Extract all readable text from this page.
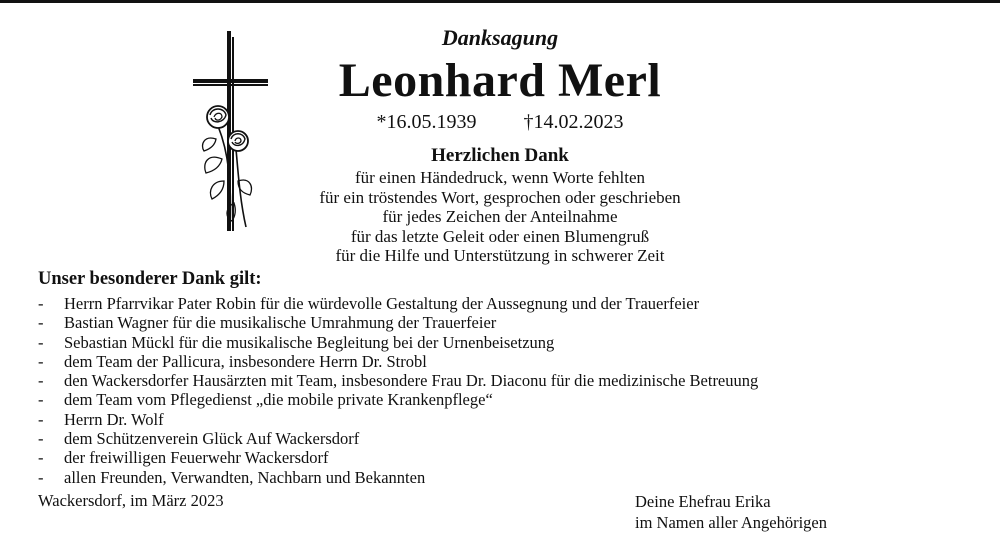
Danksagung
Leonhard Merl
*16.05.1939 †14.02.2023
Herzlichen Dank
für einen Händedruck, wenn Worte fehlten
für ein tröstendes Wort, gesprochen oder geschrieben
für jedes Zeichen der Anteilnahme
für das letzte Geleit oder einen Blumengruß
für die Hilfe und Unterstützung in schwerer Zeit
Unser besonderer Dank gilt:
- Herrn Pfarrvikar Pater Robin für die würdevolle Gestaltung der Aussegnung und der Trauerfeier
- Bastian Wagner für die musikalische Umrahmung der Trauerfeier
- Sebastian Mückl für die musikalische Begleitung bei der Urnenbeisetzung
- dem Team der Pallicura, insbesondere Herrn Dr. Strobl
- den Wackersdorfer Hausärzten mit Team, insbesondere Frau Dr. Diaconu für die medizinische Betreuung
- dem Team vom Pflegedienst „die mobile private Krankenpflege“
- Herrn Dr. Wolf
- dem Schützenverein Glück Auf Wackersdorf
- der freiwilligen Feuerwehr Wackersdorf
- allen Freunden, Verwandten, Nachbarn und Bekannten
Wackersdorf, im März 2023	Deine Ehefrau Erika
im Namen aller Angehörigen
